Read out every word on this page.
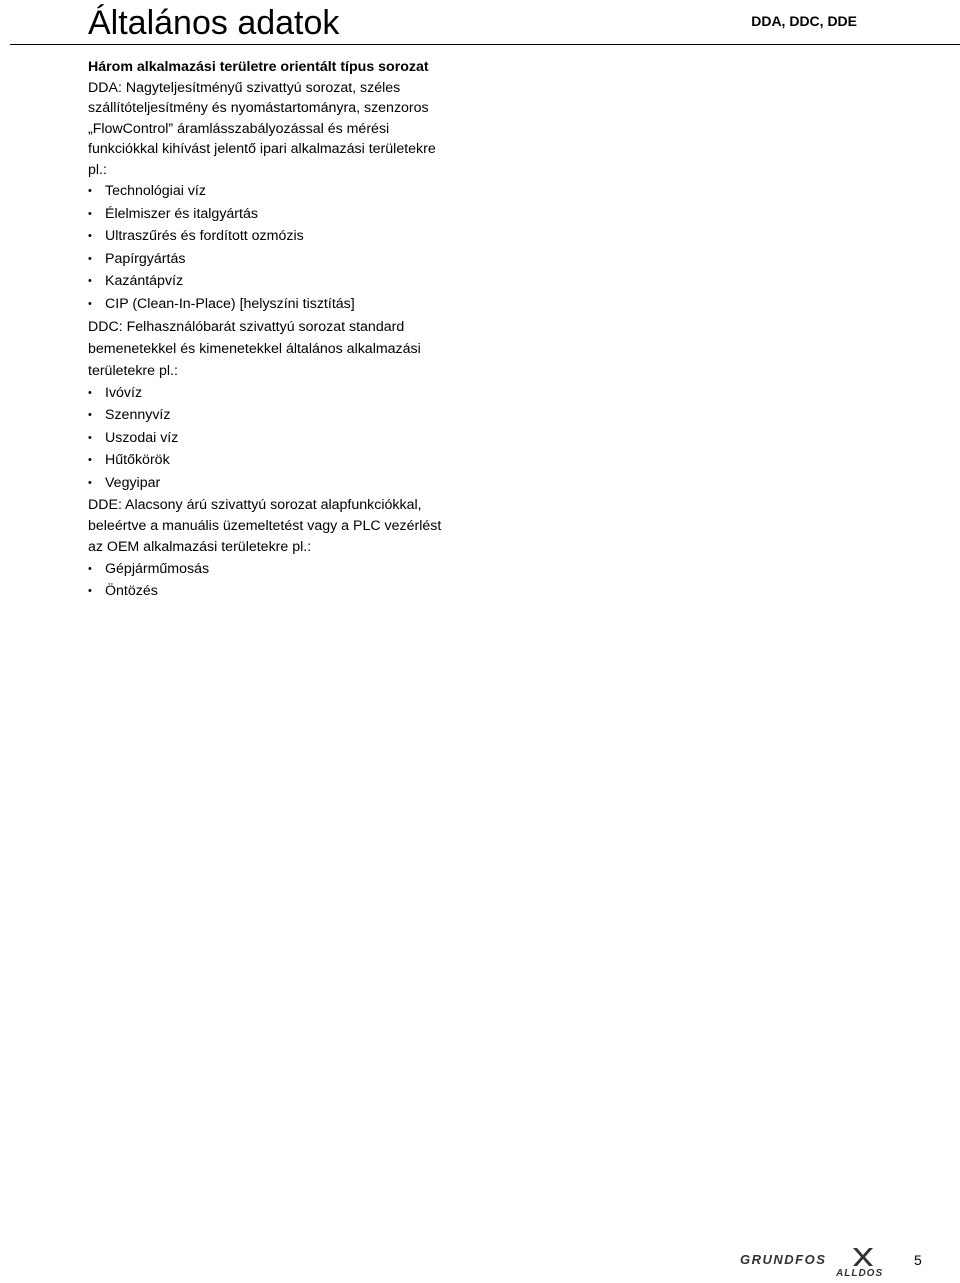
Általános adatok	DDA, DDC, DDE

Három alkalmazási területre orientált típus sorozat

DDA: Nagyteljesítményű szivattyú sorozat, széles szállítóteljesítmény és nyomástartományra, szenzoros „FlowControl” áramlásszabályozással és mérési funkciókkal kihívást jelentő ipari alkalmazási területekre pl.:

• Technológiai víz
• Élelmiszer és italgyártás
• Ultraszűrés és fordított ozmózis
• Papírgyártás
• Kazántápvíz
• CIP (Clean-In-Place) [helyszíni tisztítás]

DDC: Felhasználóbarát szivattyú sorozat standard bemenetekkel és kimenetekkel általános alkalmazási területekre pl.:

• Ivóvíz
• Szennyvíz
• Uszodai víz
• Hűtőkörök
• Vegyipar

DDE: Alacsony árú szivattyú sorozat alapfunkciókkal, beleértve a manuális üzemeltetést vagy a PLC vezérlést az OEM alkalmazási területekre pl.:

• Gépjárműmosás
• Öntözés
GRUNDFOS
ALLDOS
5
